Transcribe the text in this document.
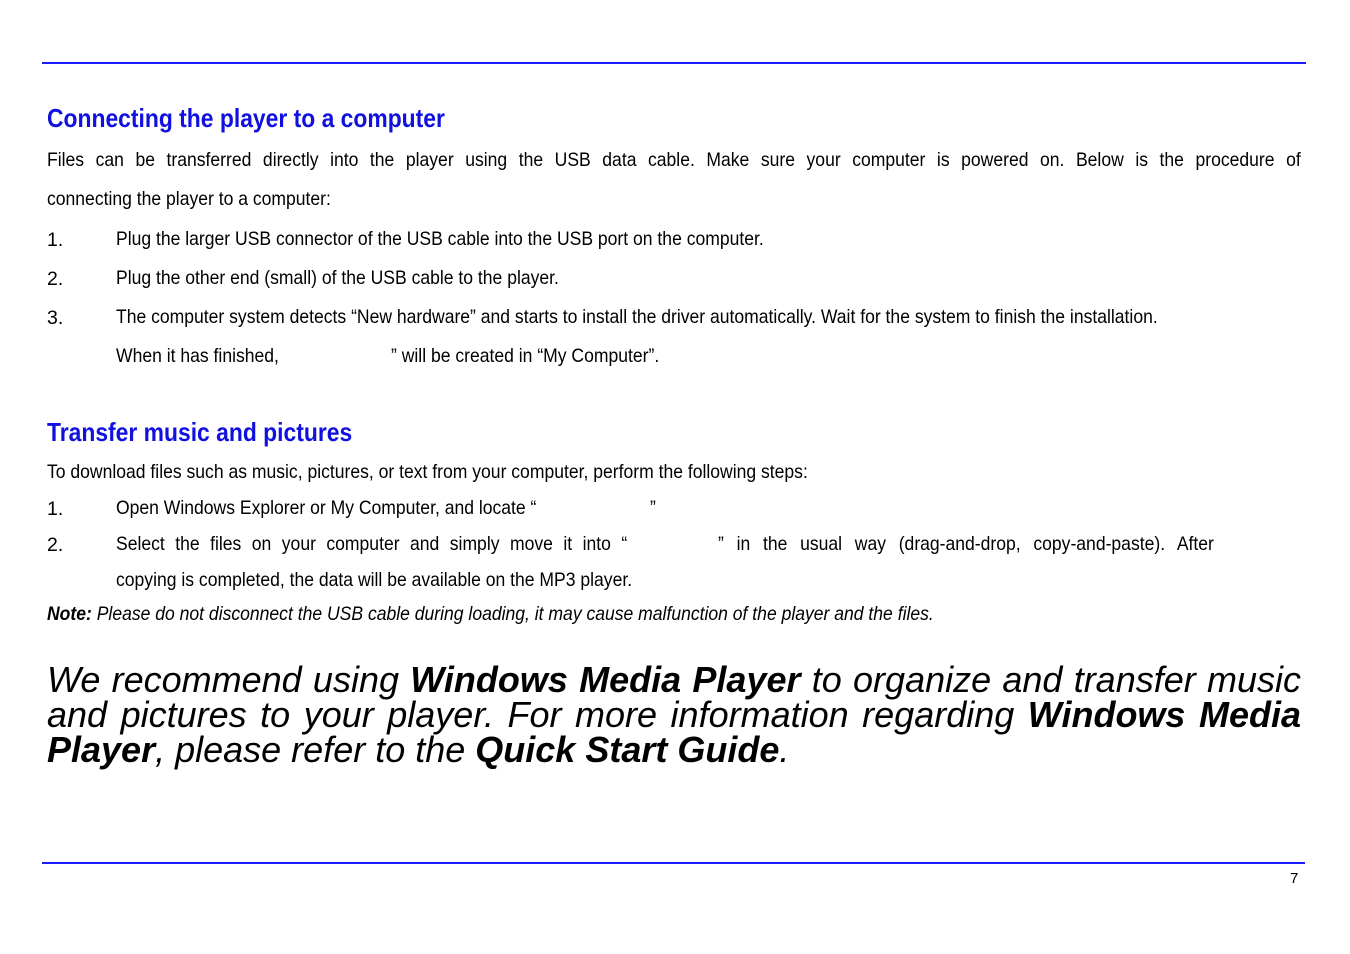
Connecting the player to a computer
Files can be transferred directly into the player using the USB data cable. Make sure your computer is powered on. Below is the procedure of
connecting the player to a computer:
1.	Plug the larger USB connector of the USB cable into the USB port on the computer.
2.	Plug the other end (small) of the USB cable to the player.
3.	The computer system detects “New hardware” and starts to install the driver automatically. Wait for the system to finish the installation.
When it has finished,	” will be created in “My Computer”.
Transfer music and pictures
To download files such as music, pictures, or text from your computer, perform the following steps:
1.	Open Windows Explorer or My Computer, and locate “	”
2.	Select the files on your computer and simply move it into “	” in the usual way (drag-and-drop, copy-and-paste). After
copying is completed, the data will be available on the MP3 player.
Note: Please do not disconnect the USB cable during loading, it may cause malfunction of the player and the files.
We recommend using Windows Media Player to organize and transfer music and pictures to your player. For more information regarding Windows Media Player, please refer to the Quick Start Guide.
7
